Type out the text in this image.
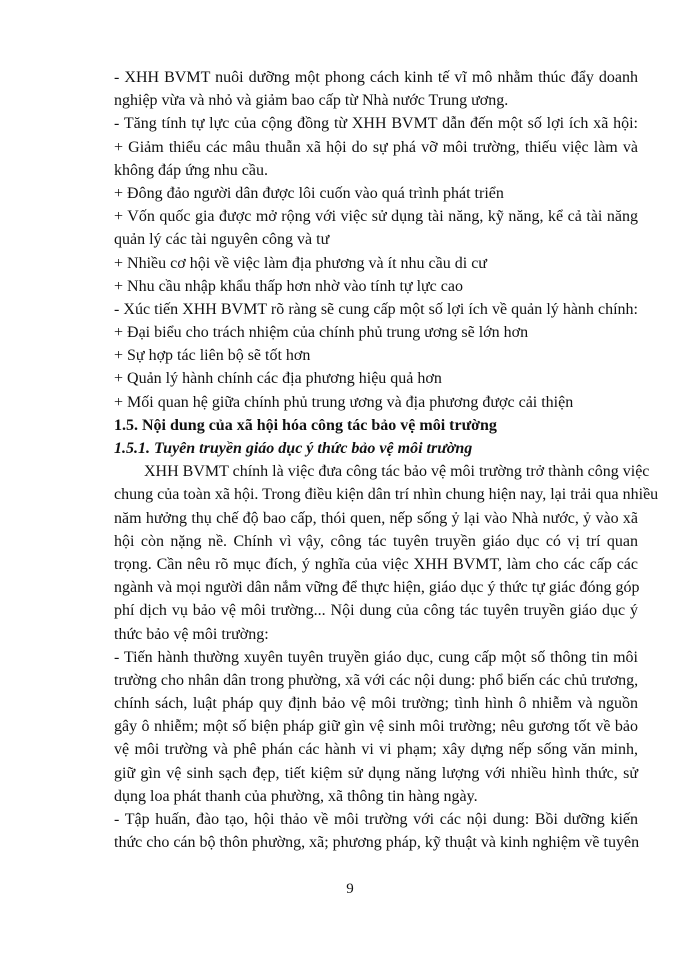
- XHH BVMT nuôi dưỡng một phong cách kinh tế vĩ mô nhằm thúc đẩy doanh
nghiệp vừa và nhỏ và giảm bao cấp từ Nhà nước Trung ương.
- Tăng tính tự lực của cộng đồng từ XHH BVMT dẫn đến một số lợi ích xã hội:
+ Giảm thiểu các mâu thuẫn xã hội do sự phá vỡ môi trường, thiếu việc làm và
không đáp ứng nhu cầu.
+ Đông đảo người dân được lôi cuốn vào quá trình phát triển
+ Vốn quốc gia được mở rộng với việc sử dụng tài năng, kỹ năng, kể cả tài năng
quản lý các tài nguyên công và tư
+ Nhiều cơ hội về việc làm địa phương và ít nhu cầu di cư
+ Nhu cầu nhập khẩu thấp hơn nhờ vào tính tự lực cao
- Xúc tiến XHH BVMT rõ ràng sẽ cung cấp một số lợi ích về quản lý hành chính:
+ Đại biểu cho trách nhiệm của chính phủ trung ương sẽ lớn hơn
+ Sự hợp tác liên bộ sẽ tốt hơn
+ Quản lý hành chính các địa phương hiệu quả hơn
+ Mối quan hệ giữa chính phủ trung ương và địa phương được cải thiện
1.5. Nội dung của xã hội hóa công tác bảo vệ môi trường
1.5.1. Tuyên truyền giáo dục ý thức bảo vệ môi trường
XHH BVMT chính là việc đưa công tác bảo vệ môi trường trở thành công việc
chung của toàn xã hội. Trong điều kiện dân trí nhìn chung hiện nay, lại trải qua nhiều
năm hưởng thụ chế độ bao cấp, thói quen, nếp sống ỷ lại vào Nhà nước, ỷ vào xã
hội còn nặng nề. Chính vì vậy, công tác tuyên truyền giáo dục có vị trí quan
trọng. Cần nêu rõ mục đích, ý nghĩa của việc XHH BVMT, làm cho các cấp các
ngành và mọi người dân nắm vững để thực hiện, giáo dục ý thức tự giác đóng góp
phí dịch vụ bảo vệ môi trường... Nội dung của công tác tuyên truyền giáo dục ý
thức bảo vệ môi trường:
- Tiến hành thường xuyên tuyên truyền giáo dục, cung cấp một số thông tin môi
trường cho nhân dân trong phường, xã với các nội dung: phổ biến các chủ trương,
chính sách, luật pháp quy định bảo vệ môi trường; tình hình ô nhiễm và nguồn
gây ô nhiễm; một số biện pháp giữ gìn vệ sinh môi trường; nêu gương tốt về bảo
vệ môi trường và phê phán các hành vi vi phạm; xây dựng nếp sống văn minh,
giữ gìn vệ sinh sạch đẹp, tiết kiệm sử dụng năng lượng với nhiều hình thức, sử
dụng loa phát thanh của phường, xã thông tin hàng ngày.
- Tập huấn, đào tạo, hội thảo về môi trường với các nội dung: Bồi dưỡng kiến
thức cho cán bộ thôn phường, xã; phương pháp, kỹ thuật và kinh nghiệm về tuyên
9
